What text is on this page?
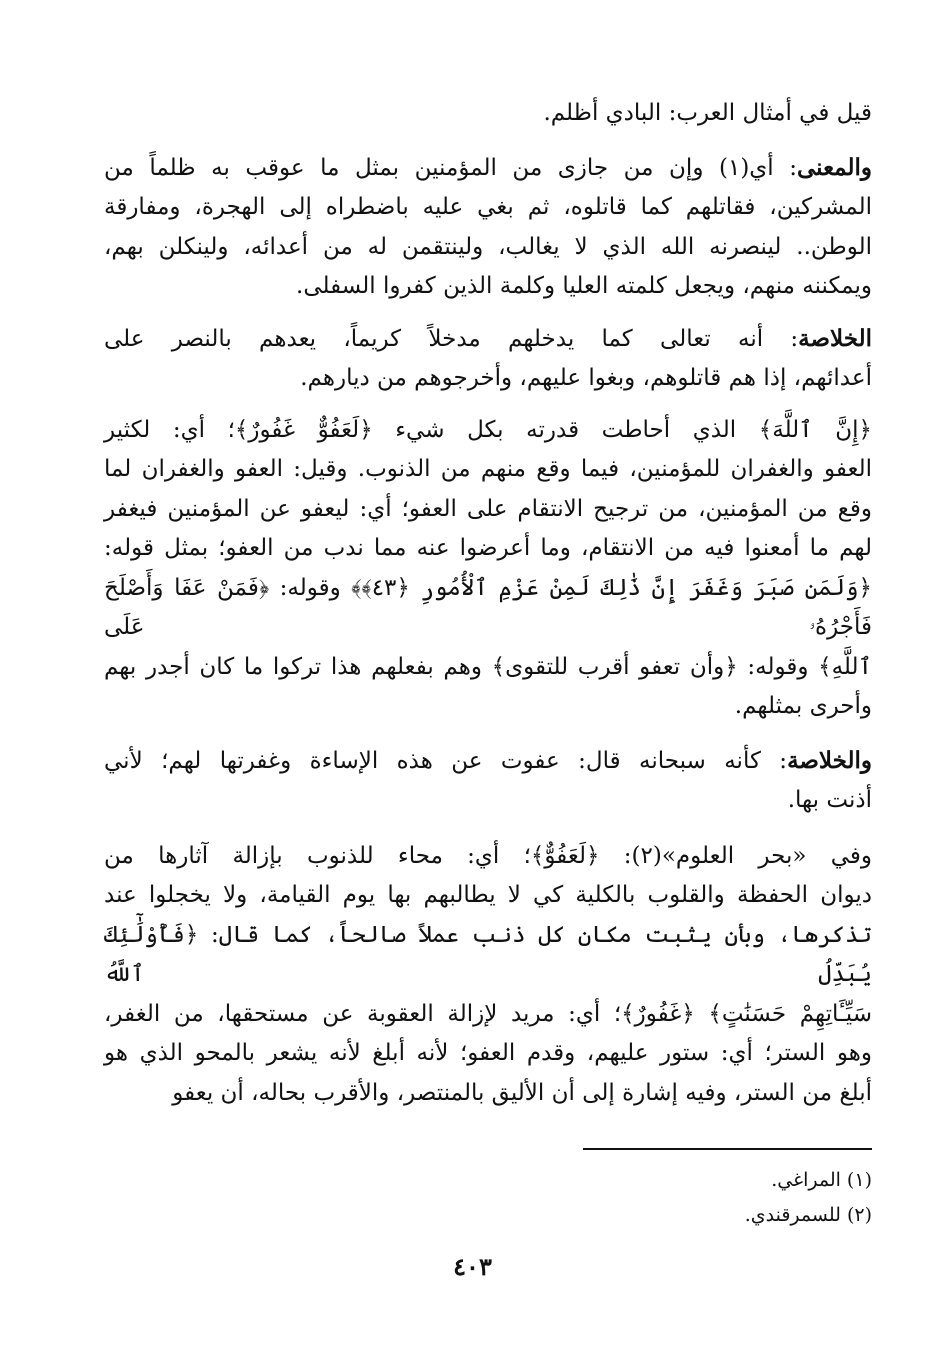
قيل في أمثال العرب: البادي أظلم.
والمعنى: أي(١) وإن من جازى من المؤمنين بمثل ما عوقب به ظلماً من
المشركين، فقاتلهم كما قاتلوه، ثم بغي عليه باضطراه إلى الهجرة، ومفارقة
الوطن.. لينصرنه الله الذي لا يغالب، ولينتقمن له من أعدائه، ولينكلن بهم،
ويمكننه منهم، ويجعل كلمته العليا وكلمة الذين كفروا السفلى.
الخلاصة: أنه تعالى كما يدخلهم مدخلاً كريماً، يعدهم بالنصر على
أعدائهم، إذا هم قاتلوهم، وبغوا عليهم، وأخرجوهم من ديارهم.
﴿إِنَّ ٱللَّهَ﴾ الذي أحاطت قدرته بكل شيء ﴿لَعَفُوٌّ غَفُورٌ﴾؛ أي: لكثير
العفو والغفران للمؤمنين، فيما وقع منهم من الذنوب. وقيل: العفو والغفران لما
وقع من المؤمنين، من ترجيح الانتقام على العفو؛ أي: ليعفو عن المؤمنين فيغفر
لهم ما أمعنوا فيه من الانتقام، وما أعرضوا عنه مما ندب من العفو؛ بمثل قوله:
﴿وَلَمَن صَبَرَ وَغَفَرَ إِنَّ ذَٰلِكَ لَمِنْ عَزْمِ ٱلْأُمُورِ ﴿٤٣﴾﴾ وقوله: ﴿فَمَنْ عَفَا وَأَصْلَحَ فَأَجْرُهُۥ عَلَى
ٱللَّهِ﴾ وقوله: ﴿وأن تعفو أقرب للتقوى﴾ وهم بفعلهم هذا تركوا ما كان أجدر بهم
وأحرى بمثلهم.
والخلاصة: كأنه سبحانه قال: عفوت عن هذه الإساءة وغفرتها لهم؛ لأني
أذنت بها.
وفي «بحر العلوم»(٢): ﴿لَعَفُوٌّ﴾؛ أي: محاء للذنوب بإزالة آثارها من
ديوان الحفظة والقلوب بالكلية كي لا يطالبهم بها يوم القيامة، ولا يخجلوا عند
تذكرها، وبأن يثبت مكان كل ذنب عملاً صالحاً، كما قال: ﴿فَأُوْلَٰٓئِكَ يُبَدِّلُ ٱللَّهُ
سَيِّـَٔاتِهِمْ حَسَنَٰتٍ﴾ ﴿غَفُورٌ﴾؛ أي: مريد لإزالة العقوبة عن مستحقها، من الغفر،
وهو الستر؛ أي: ستور عليهم، وقدم العفو؛ لأنه أبلغ لأنه يشعر بالمحو الذي هو
أبلغ من الستر، وفيه إشارة إلى أن الأليق بالمنتصر، والأقرب بحاله، أن يعفو
(١) المراغي.
(٢) للسمرقندي.
٤٠٣
